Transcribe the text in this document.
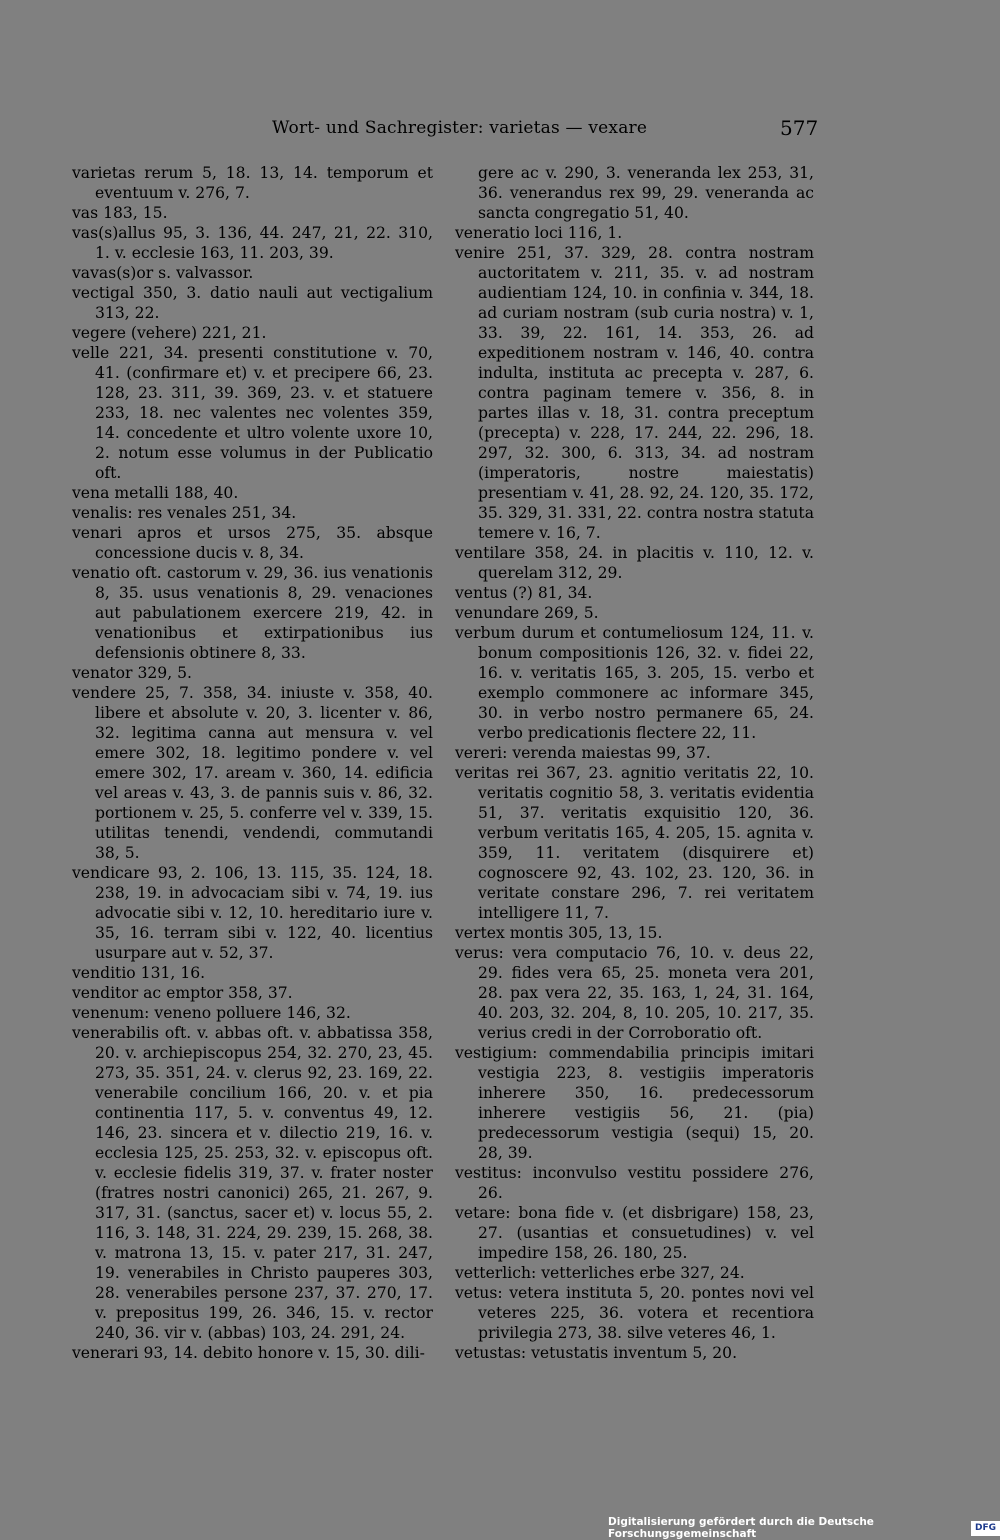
Wort- und Sachregister: varietas — vexare	577

varietas rerum 5, 18. 13, 14. temporum et eventuum v. 276, 7.

vas 183, 15.

vas(s)allus 95, 3. 136, 44. 247, 21, 22. 310, 1. v. ecclesie 163, 11. 203, 39.

vavas(s)or s. valvassor.

vectigal 350, 3. datio nauli aut vectigalium 313, 22.

vegere (vehere) 221, 21.

velle 221, 34. presenti constitutione v. 70, 41. (confirmare et) v. et precipere 66, 23. 128, 23. 311, 39. 369, 23. v. et statuere 233, 18. nec valentes nec volentes 359, 14. concedente et ultro volente uxore 10, 2. notum esse volumus in der Publicatio oft.

vena metalli 188, 40.

venalis: res venales 251, 34.

venari apros et ursos 275, 35. absque concessione ducis v. 8, 34.

venatio oft. castorum v. 29, 36. ius venationis 8, 35. usus venationis 8, 29. venaciones aut pabulationem exercere 219, 42. in venationibus et extirpationibus ius defensionis obtinere 8, 33.

venator 329, 5.

vendere 25, 7. 358, 34. iniuste v. 358, 40. libere et absolute v. 20, 3. licenter v. 86, 32. legitima canna aut mensura v. vel emere 302, 18. legitimo pondere v. vel emere 302, 17. aream v. 360, 14. edificia vel areas v. 43, 3. de pannis suis v. 86, 32. portionem v. 25, 5. conferre vel v. 339, 15. utilitas tenendi, vendendi, commutandi 38, 5.

vendicare 93, 2. 106, 13. 115, 35. 124, 18. 238, 19. in advocaciam sibi v. 74, 19. ius advocatie sibi v. 12, 10. hereditario iure v. 35, 16. terram sibi v. 122, 40. licentius usurpare aut v. 52, 37.

venditio 131, 16.

venditor ac emptor 358, 37.

venenum: veneno polluere 146, 32.

venerabilis oft. v. abbas oft. v. abbatissa 358, 20. v. archiepiscopus 254, 32. 270, 23, 45. 273, 35. 351, 24. v. clerus 92, 23. 169, 22. venerabile concilium 166, 20. v. et pia continentia 117, 5. v. conventus 49, 12. 146, 23. sincera et v. dilectio 219, 16. v. ecclesia 125, 25. 253, 32. v. episcopus oft. v. ecclesie fidelis 319, 37. v. frater noster (fratres nostri canonici) 265, 21. 267, 9. 317, 31. (sanctus, sacer et) v. locus 55, 2. 116, 3. 148, 31. 224, 29. 239, 15. 268, 38. v. matrona 13, 15. v. pater 217, 31. 247, 19. venerabiles in Christo pauperes 303, 28. venerabiles persone 237, 37. 270, 17. v. prepositus 199, 26. 346, 15. v. rector 240, 36. vir v. (abbas) 103, 24. 291, 24.

venerari 93, 14. debito honore v. 15, 30. dili-

gere ac v. 290, 3. veneranda lex 253, 31, 36. venerandus rex 99, 29. veneranda ac sancta congregatio 51, 40.

veneratio loci 116, 1.

venire 251, 37. 329, 28. contra nostram auctoritatem v. 211, 35. v. ad nostram audientiam 124, 10. in confinia v. 344, 18. ad curiam nostram (sub curia nostra) v. 1, 33. 39, 22. 161, 14. 353, 26. ad expeditionem nostram v. 146, 40. contra indulta, instituta ac precepta v. 287, 6. contra paginam temere v. 356, 8. in partes illas v. 18, 31. contra preceptum (precepta) v. 228, 17. 244, 22. 296, 18. 297, 32. 300, 6. 313, 34. ad nostram (imperatoris, nostre maiestatis) presentiam v. 41, 28. 92, 24. 120, 35. 172, 35. 329, 31. 331, 22. contra nostra statuta temere v. 16, 7.

ventilare 358, 24. in placitis v. 110, 12. v. querelam 312, 29.

ventus (?) 81, 34.

venundare 269, 5.

verbum durum et contumeliosum 124, 11. v. bonum compositionis 126, 32. v. fidei 22, 16. v. veritatis 165, 3. 205, 15. verbo et exemplo commonere ac informare 345, 30. in verbo nostro permanere 65, 24. verbo predicationis flectere 22, 11.

vereri: verenda maiestas 99, 37.

veritas rei 367, 23. agnitio veritatis 22, 10. veritatis cognitio 58, 3. veritatis evidentia 51, 37. veritatis exquisitio 120, 36. verbum veritatis 165, 4. 205, 15. agnita v. 359, 11. veritatem (disquirere et) cognoscere 92, 43. 102, 23. 120, 36. in veritate constare 296, 7. rei veritatem intelligere 11, 7.

vertex montis 305, 13, 15.

verus: vera computacio 76, 10. v. deus 22, 29. fides vera 65, 25. moneta vera 201, 28. pax vera 22, 35. 163, 1, 24, 31. 164, 40. 203, 32. 204, 8, 10. 205, 10. 217, 35. verius credi in der Corroboratio oft.

vestigium: commendabilia principis imitari vestigia 223, 8. vestigiis imperatoris inherere 350, 16. predecessorum inherere vestigiis 56, 21. (pia) predecessorum vestigia (sequi) 15, 20. 28, 39.

vestitus: inconvulso vestitu possidere 276, 26.

vetare: bona fide v. (et disbrigare) 158, 23, 27. (usantias et consuetudines) v. vel impedire 158, 26. 180, 25.

vetterlich: vetterliches erbe 327, 24.

vetus: vetera instituta 5, 20. pontes novi vel veteres 225, 36. votera et recentiora privilegia 273, 38. silve veteres 46, 1.

vetustas: vetustatis inventum 5, 20.

Digitalisierung gefördert durch die Deutsche Forschungsgemeinschaft
DFG
